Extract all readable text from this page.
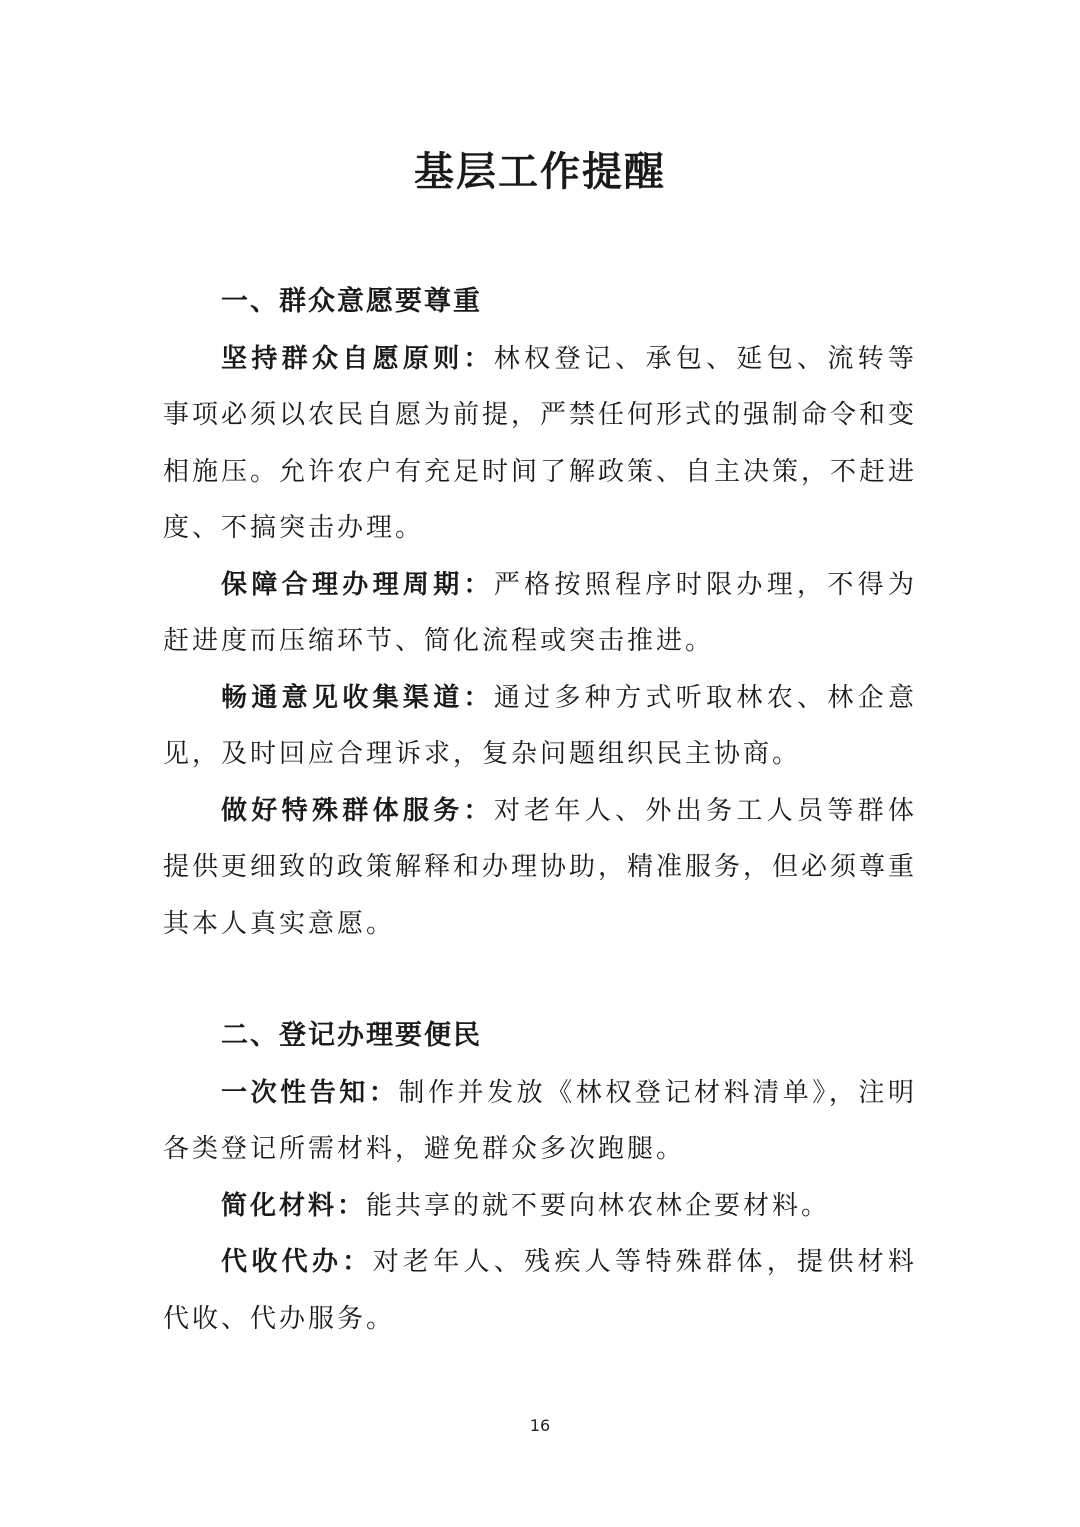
基层工作提醒
一、群众意愿要尊重

坚持群众自愿原则：林权登记、承包、延包、流转等事项必须以农民自愿为前提，严禁任何形式的强制命令和变相施压。允许农户有充足时间了解政策、自主决策，不赶进度、不搞突击办理。

保障合理办理周期：严格按照程序时限办理，不得为赶进度而压缩环节、简化流程或突击推进。

畅通意见收集渠道：通过多种方式听取林农、林企意见，及时回应合理诉求，复杂问题组织民主协商。

做好特殊群体服务：对老年人、外出务工人员等群体提供更细致的政策解释和办理协助，精准服务，但必须尊重其本人真实意愿。

二、登记办理要便民

一次性告知：制作并发放《林权登记材料清单》，注明各类登记所需材料，避免群众多次跑腿。

简化材料：能共享的就不要向林农林企要材料。

代收代办：对老年人、残疾人等特殊群体，提供材料代收、代办服务。

16
